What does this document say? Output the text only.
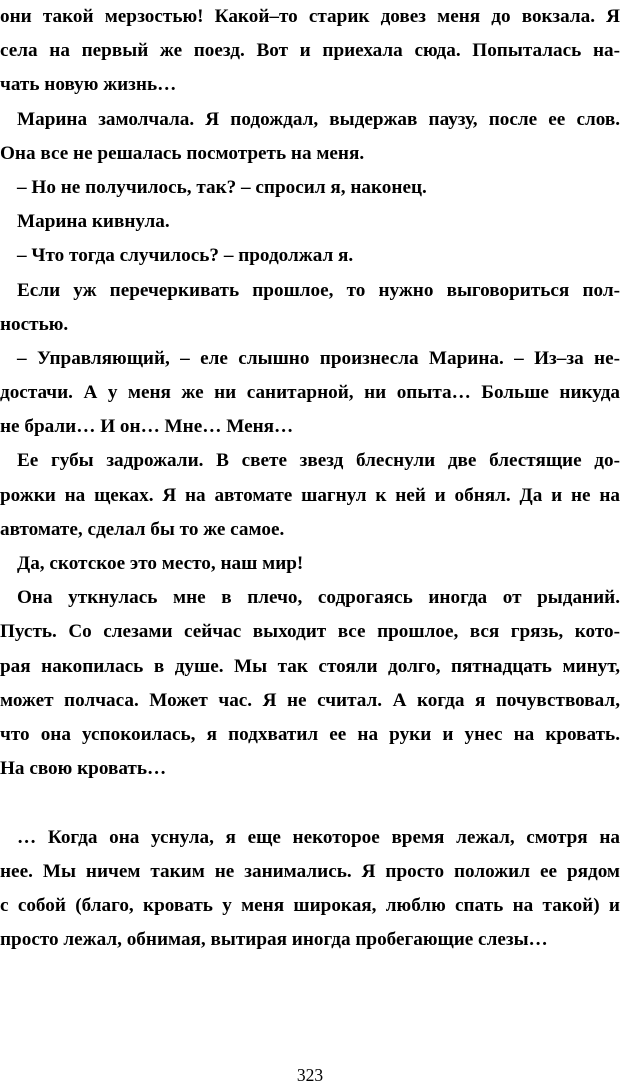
они такой мерзостью! Какой–то старик довез меня до вокзала. Я
села на первый же поезд. Вот и приехала сюда. Попыталась на-
чать новую жизнь…
Марина замолчала. Я подождал, выдержав паузу, после ее слов.
Она все не решалась посмотреть на меня.
– Но не получилось, так? – спросил я, наконец.
Марина кивнула.
– Что тогда случилось? – продолжал я.
Если уж перечеркивать прошлое, то нужно выговориться пол-
ностью.
– Управляющий, – еле слышно произнесла Марина. – Из–за не-
достачи. А у меня же ни санитарной, ни опыта… Больше никуда
не брали… И он… Мне… Меня…
Ее губы задрожали. В свете звезд блеснули две блестящие до-
рожки на щеках. Я на автомате шагнул к ней и обнял. Да и не на
автомате, сделал бы то же самое.
Да, скотское это место, наш мир!
Она уткнулась мне в плечо, содрогаясь иногда от рыданий.
Пусть. Со слезами сейчас выходит все прошлое, вся грязь, кото-
рая накопилась в душе. Мы так стояли долго, пятнадцать минут,
может полчаса. Может час. Я не считал. А когда я почувствовал,
что она успокоилась, я подхватил ее на руки и унес на кровать.
На свою кровать…
… Когда она уснула, я еще некоторое время лежал, смотря на
нее. Мы ничем таким не занимались. Я просто положил ее рядом
с собой (благо, кровать у меня широкая, люблю спать на такой) и
просто лежал, обнимая, вытирая иногда пробегающие слезы…
323
